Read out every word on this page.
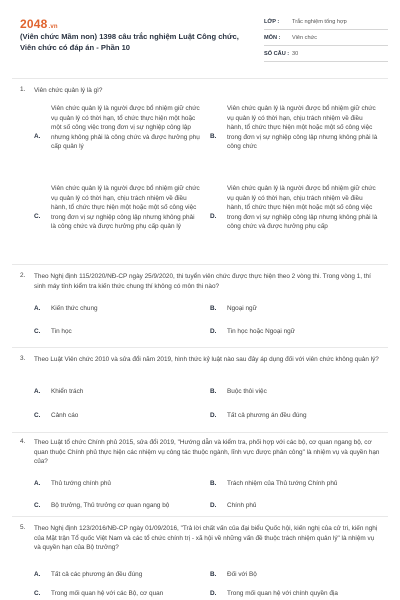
2048.vn
(Viên chức Mầm non) 1398 câu trắc nghiệm Luật Công chức, Viên chức có đáp án - Phần 10
LỚP :	Trắc nghiệm tổng hợp
MÔN :	Viên chức
SỐ CÂU : 30
1. Viên chức quản lý là gì?
A.
Viên chức quản lý là người được bổ nhiệm giữ chức vụ quản lý có thời hạn, tổ chức thực hiện một hoặc một số công việc trong đơn vị sự nghiệp công lập nhưng không phải là công chức và được hưởng phụ cấp quản lý
B.
Viên chức quản lý là người được bổ nhiệm giữ chức vụ quản lý có thời hạn, chịu trách nhiệm về điều hành, tổ chức thực hiện một hoặc một số công việc trong đơn vị sự nghiệp công lập nhưng không phải là công chức
C.
Viên chức quản lý là người được bổ nhiệm giữ chức vụ quản lý có thời hạn, chịu trách nhiệm về điều hành, tổ chức thực hiện một hoặc một số công việc trong đơn vị sự nghiệp công lập nhưng không phải là công chức và được hưởng phụ cấp quản lý
D.
Viên chức quản lý là người được bổ nhiệm giữ chức vụ quản lý có thời hạn, chịu trách nhiệm về điều hành, tổ chức thực hiện một hoặc một số công việc trong đơn vị sự nghiệp công lập nhưng không phải là công chức và được hưởng phụ cấp
2. Theo Nghị định 115/2020/NĐ-CP ngày 25/9/2020, thi tuyển viên chức được thực hiện theo 2 vòng thi. Trong vòng 1, thí sinh máy tính kiểm tra kiến thức chung thí không có môn thi nào?
A. Kiến thức chung	B. Ngoại ngữ
C. Tin học	D. Tin học hoặc Ngoại ngữ
3. Theo Luật Viên chức 2010 và sửa đổi năm 2019, hình thức kỷ luật nào sau đây áp dụng đối với viên chức không quản lý?
A. Khiển trách	B. Buộc thôi việc
C. Cảnh cáo	D. Tất cả phương án đều đúng
4. Theo Luật tổ chức Chính phủ 2015, sửa đổi 2019, "Hướng dẫn và kiểm tra, phối hợp với các bộ, cơ quan ngang bộ, cơ quan thuộc Chính phủ thực hiện các nhiệm vụ công tác thuộc ngành, lĩnh vực được phân công" là nhiệm vụ và quyền hạn của?
A. Thủ tướng chính phủ	B. Trách nhiệm của Thủ tướng Chính phủ
C. Bộ trưởng, Thủ trưởng cơ quan ngang bộ	D. Chính phủ
5. Theo Nghị định 123/2016/NĐ-CP ngày 01/09/2016, "Trả lời chất vấn của đại biểu Quốc hội, kiến nghị của cử tri, kiến nghị của Mặt trận Tổ quốc Việt Nam và các tổ chức chính trị - xã hội về những vấn đề thuộc trách nhiệm quản lý" là nhiệm vụ và quyền hạn của Bộ trưởng?
A. Tất cả các phương án đều đúng	B. Đối với Bộ
C. Trong mối quan hệ với các Bộ, cơ quan	D. Trong mối quan hệ với chính quyền địa
